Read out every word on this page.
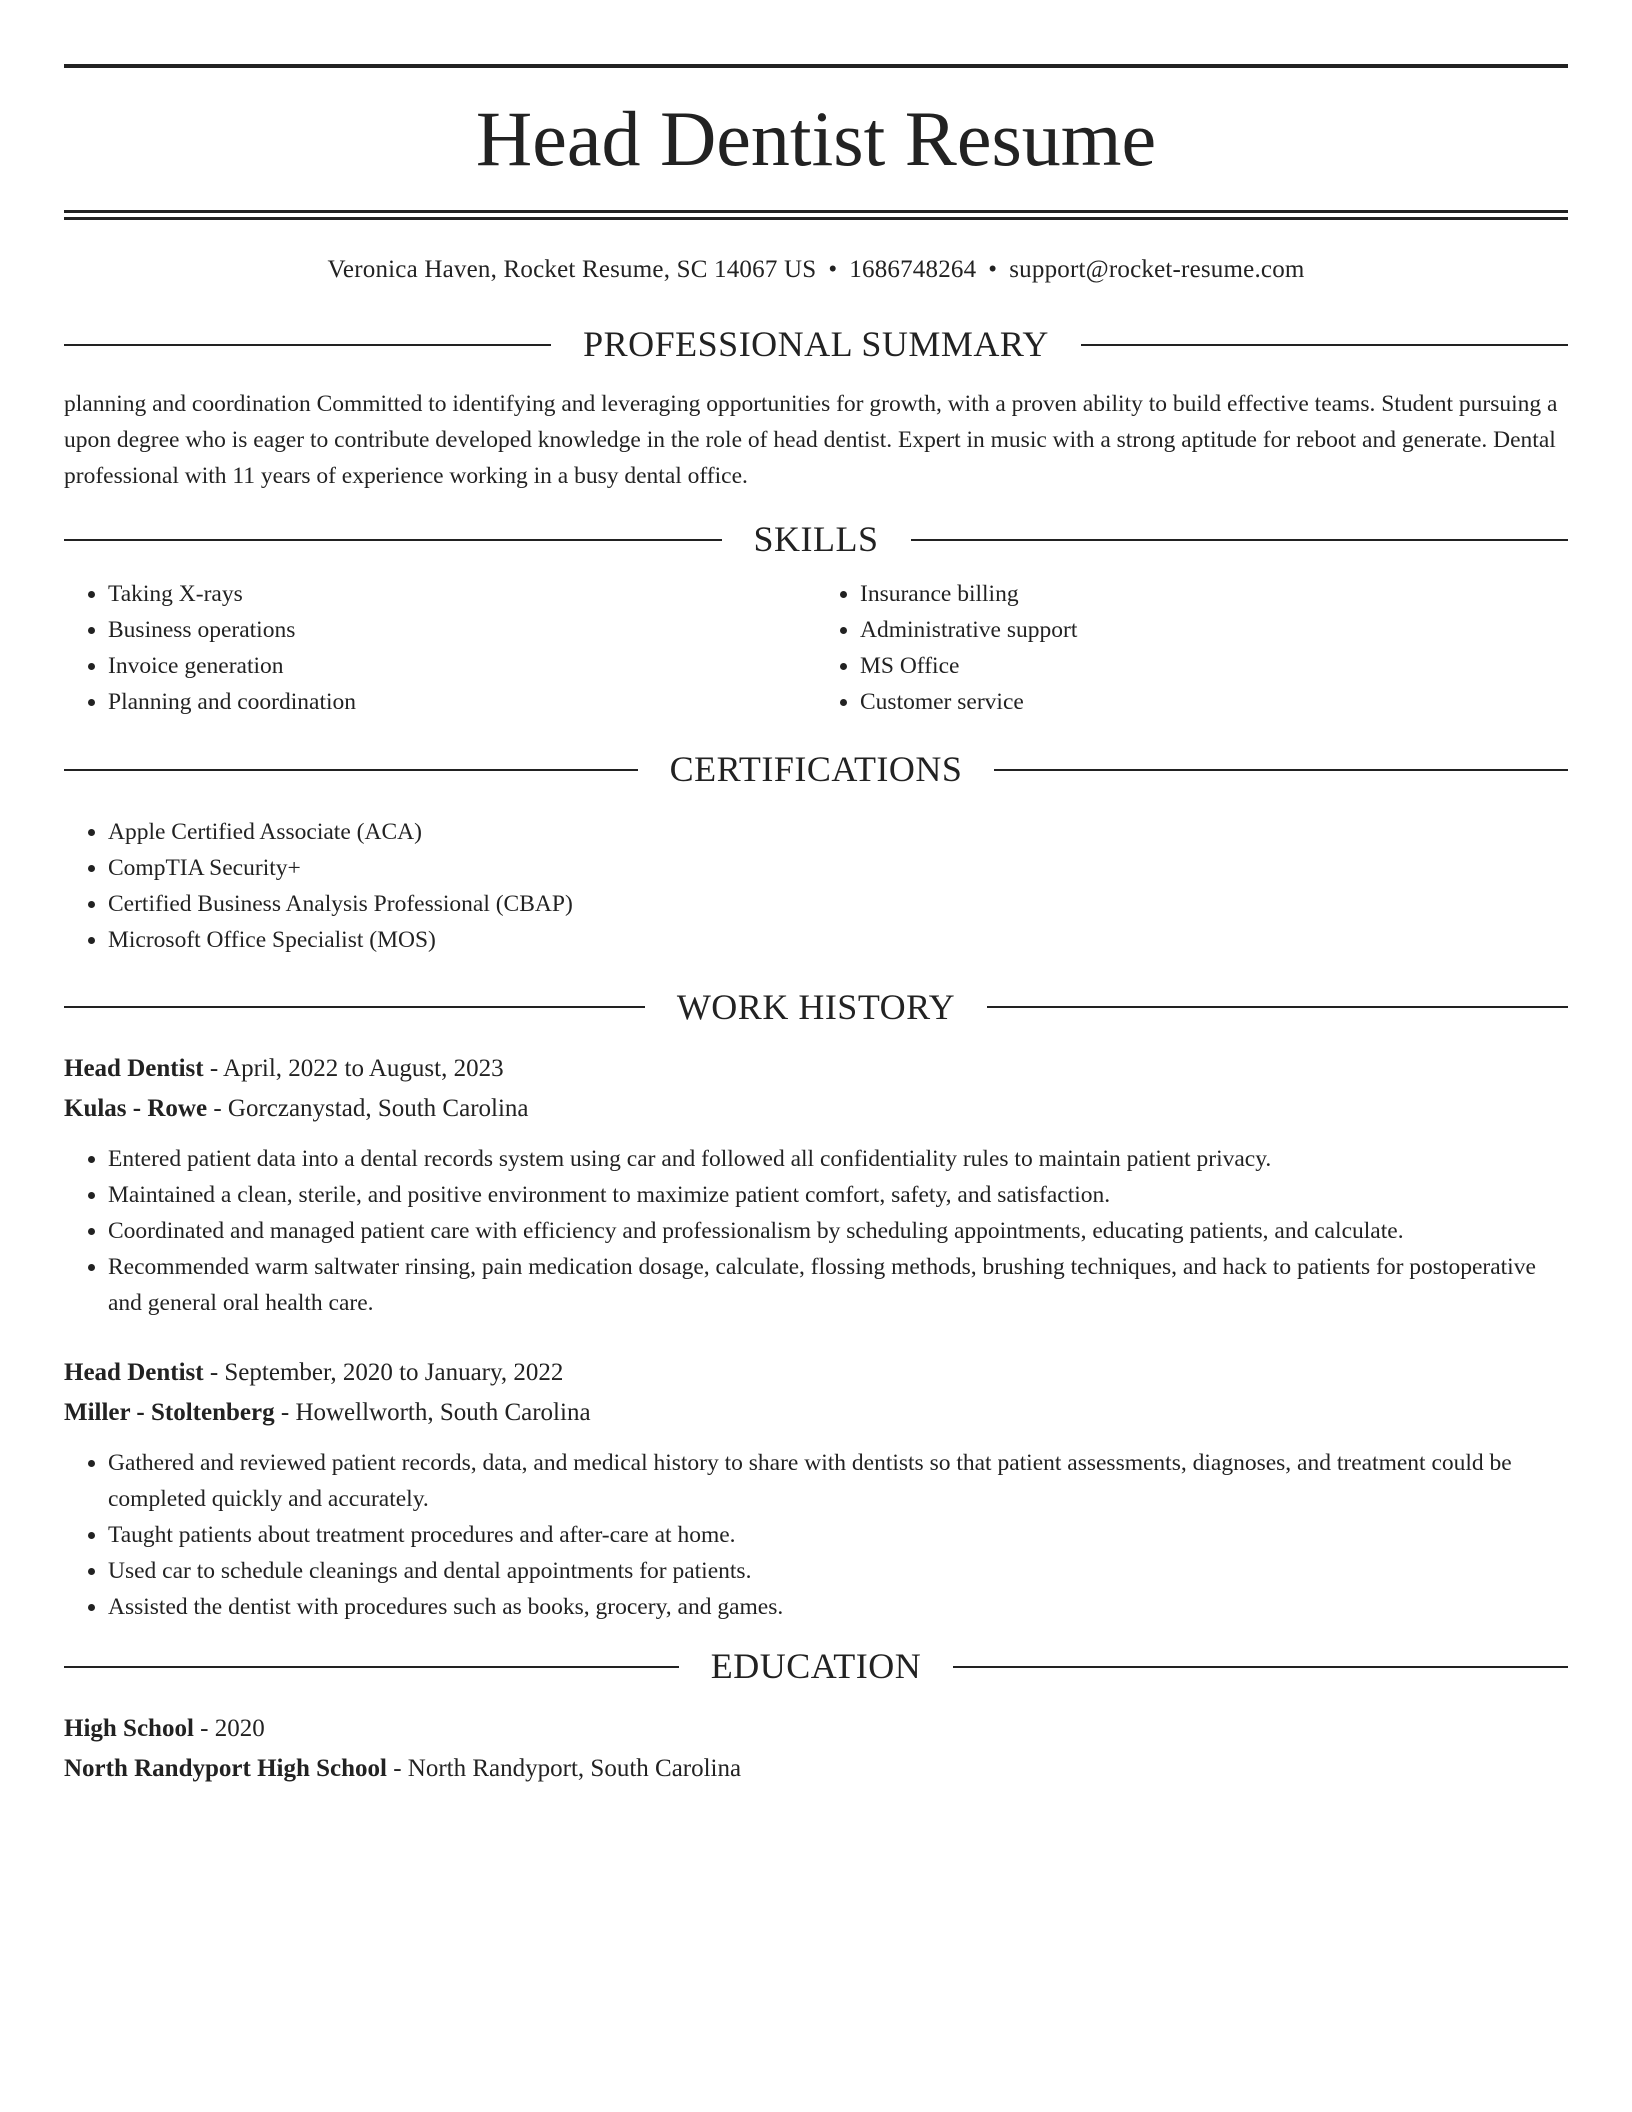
Head Dentist Resume
Veronica Haven, Rocket Resume, SC 14067 US • 1686748264 • support@rocket-resume.com
PROFESSIONAL SUMMARY

planning and coordination Committed to identifying and leveraging opportunities for growth, with a proven ability to build effective teams. Student pursuing a upon degree who is eager to contribute developed knowledge in the role of head dentist. Expert in music with a strong aptitude for reboot and generate. Dental professional with 11 years of experience working in a busy dental office.

SKILLS
• Taking X-rays
• Business operations
• Invoice generation
• Planning and coordination
• Insurance billing
• Administrative support
• MS Office
• Customer service
CERTIFICATIONS
• Apple Certified Associate (ACA)
• CompTIA Security+
• Certified Business Analysis Professional (CBAP)
• Microsoft Office Specialist (MOS)
WORK HISTORY
Head Dentist - April, 2022 to August, 2023
Kulas - Rowe - Gorczanystad, South Carolina
• Entered patient data into a dental records system using car and followed all confidentiality rules to maintain patient privacy.
• Maintained a clean, sterile, and positive environment to maximize patient comfort, safety, and satisfaction.
• Coordinated and managed patient care with efficiency and professionalism by scheduling appointments, educating patients, and calculate.
• Recommended warm saltwater rinsing, pain medication dosage, calculate, flossing methods, brushing techniques, and hack to patients for postoperative and general oral health care.
Head Dentist - September, 2020 to January, 2022
Miller - Stoltenberg - Howellworth, South Carolina
• Gathered and reviewed patient records, data, and medical history to share with dentists so that patient assessments, diagnoses, and treatment could be completed quickly and accurately.
• Taught patients about treatment procedures and after-care at home.
• Used car to schedule cleanings and dental appointments for patients.
• Assisted the dentist with procedures such as books, grocery, and games.
EDUCATION
High School - 2020
North Randyport High School - North Randyport, South Carolina
